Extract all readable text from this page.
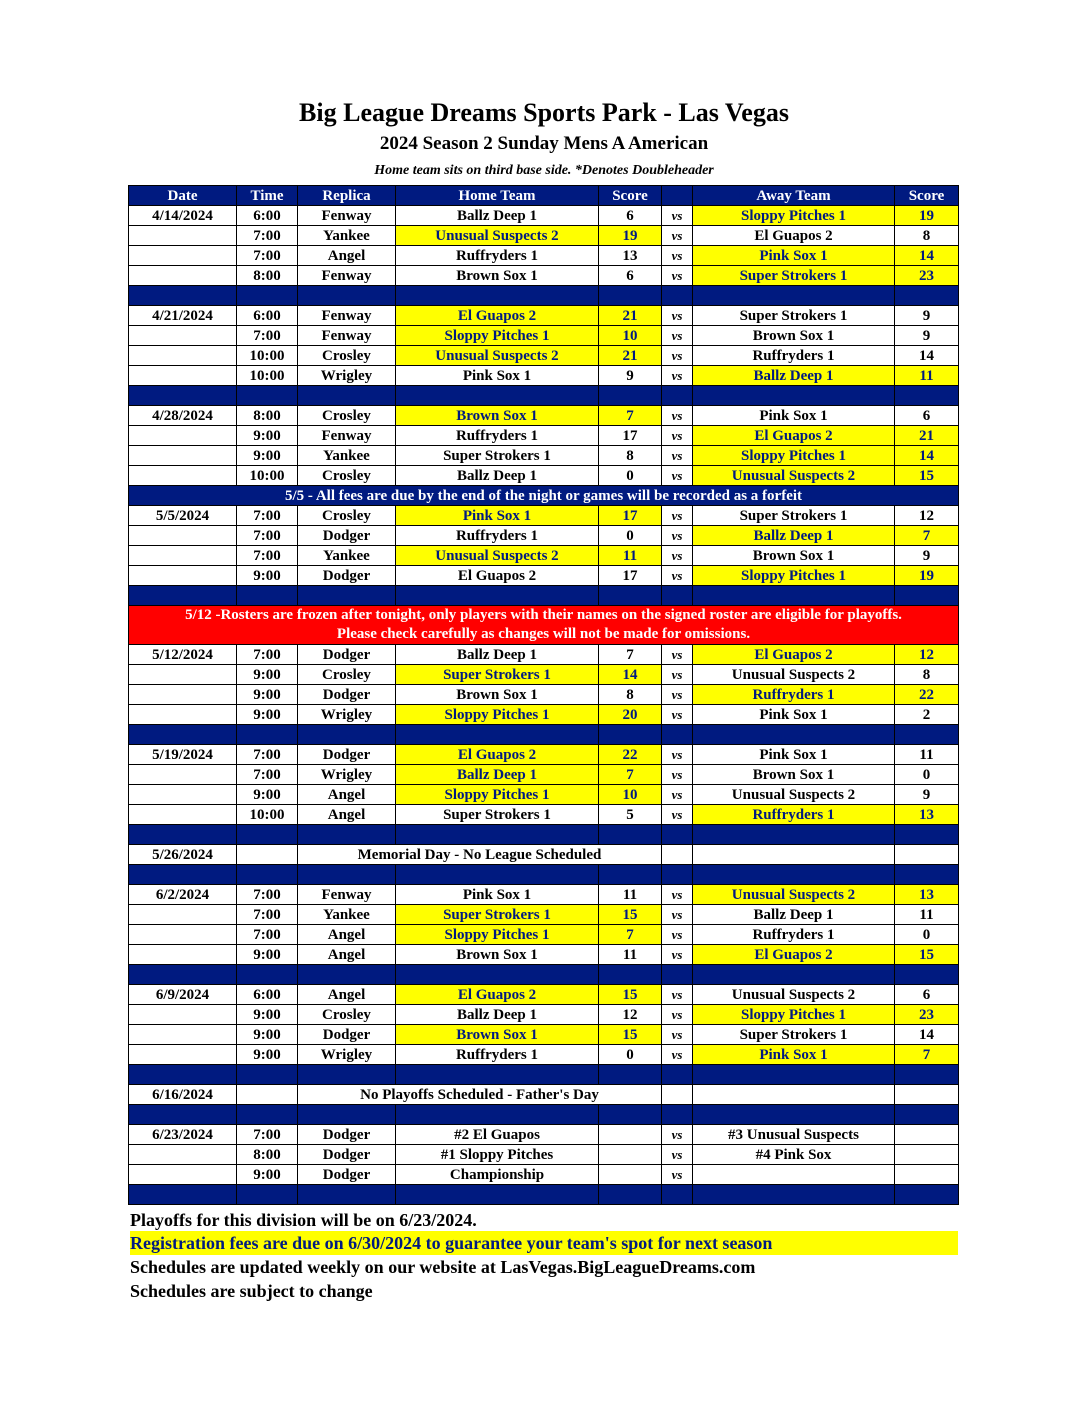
Big League Dreams Sports Park - Las Vegas
2024 Season 2 Sunday Mens A American
Home team sits on third base side. *Denotes Doubleheader
Date	Time	Replica	Home Team	Score		Away Team	Score
4/14/2024	6:00	Fenway	Ballz Deep 1	6	vs	Sloppy Pitches 1	19
	7:00	Yankee	Unusual Suspects 2	19	vs	El Guapos 2	8
	7:00	Angel	Ruffryders 1	13	vs	Pink Sox 1	14
	8:00	Fenway	Brown Sox 1	6	vs	Super Strokers 1	23

4/21/2024	6:00	Fenway	El Guapos 2	21	vs	Super Strokers 1	9
	7:00	Fenway	Sloppy Pitches 1	10	vs	Brown Sox 1	9
	10:00	Crosley	Unusual Suspects 2	21	vs	Ruffryders 1	14
	10:00	Wrigley	Pink Sox 1	9	vs	Ballz Deep 1	11

4/28/2024	8:00	Crosley	Brown Sox 1	7	vs	Pink Sox 1	6
	9:00	Fenway	Ruffryders 1	17	vs	El Guapos 2	21
	9:00	Yankee	Super Strokers 1	8	vs	Sloppy Pitches 1	14
	10:00	Crosley	Ballz Deep 1	0	vs	Unusual Suspects 2	15
5/5 - All fees are due by the end of the night or games will be recorded as a forfeit							
5/5/2024	7:00	Crosley	Pink Sox 1	17	vs	Super Strokers 1	12
	7:00	Dodger	Ruffryders 1	0	vs	Ballz Deep 1	7
	7:00	Yankee	Unusual Suspects 2	11	vs	Brown Sox 1	9
	9:00	Dodger	El Guapos 2	17	vs	Sloppy Pitches 1	19

5/12 -Rosters are frozen after tonight, only players with their names on the signed roster are eligible for playoffs.
Please check carefully as changes will not be made for omissions.							

5/12/2024	7:00	Dodger	Ballz Deep 1	7	vs	El Guapos 2	12
	9:00	Crosley	Super Strokers 1	14	vs	Unusual Suspects 2	8
	9:00	Dodger	Brown Sox 1	8	vs	Ruffryders 1	22
	9:00	Wrigley	Sloppy Pitches 1	20	vs	Pink Sox 1	2

5/19/2024	7:00	Dodger	El Guapos 2	22	vs	Pink Sox 1	11
	7:00	Wrigley	Ballz Deep 1	7	vs	Brown Sox 1	0
	9:00	Angel	Sloppy Pitches 1	10	vs	Unusual Suspects 2	9
	10:00	Angel	Super Strokers 1	5	vs	Ruffryders 1	13

5/26/2024		Memorial Day - No League Scheduled					

6/2/2024	7:00	Fenway	Pink Sox 1	11	vs	Unusual Suspects 2	13
	7:00	Yankee	Super Strokers 1	15	vs	Ballz Deep 1	11
	7:00	Angel	Sloppy Pitches 1	7	vs	Ruffryders 1	0
	9:00	Angel	Brown Sox 1	11	vs	El Guapos 2	15

6/9/2024	6:00	Angel	El Guapos 2	15	vs	Unusual Suspects 2	6
	9:00	Crosley	Ballz Deep 1	12	vs	Sloppy Pitches 1	23
	9:00	Dodger	Brown Sox 1	15	vs	Super Strokers 1	14
	9:00	Wrigley	Ruffryders 1	0	vs	Pink Sox 1	7

6/16/2024		No Playoffs Scheduled - Father's Day					

6/23/2024	7:00	Dodger	#2 El Guapos		vs	#3 Unusual Suspects	
	8:00	Dodger	#1 Sloppy Pitches		vs	#4 Pink Sox	
	9:00	Dodger	Championship		vs		

Playoffs for this division will be on 6/23/2024.
Registration fees are due on 6/30/2024 to guarantee your team's spot for next season
Schedules are updated weekly on our website at LasVegas.BigLeagueDreams.com
Schedules are subject to change
